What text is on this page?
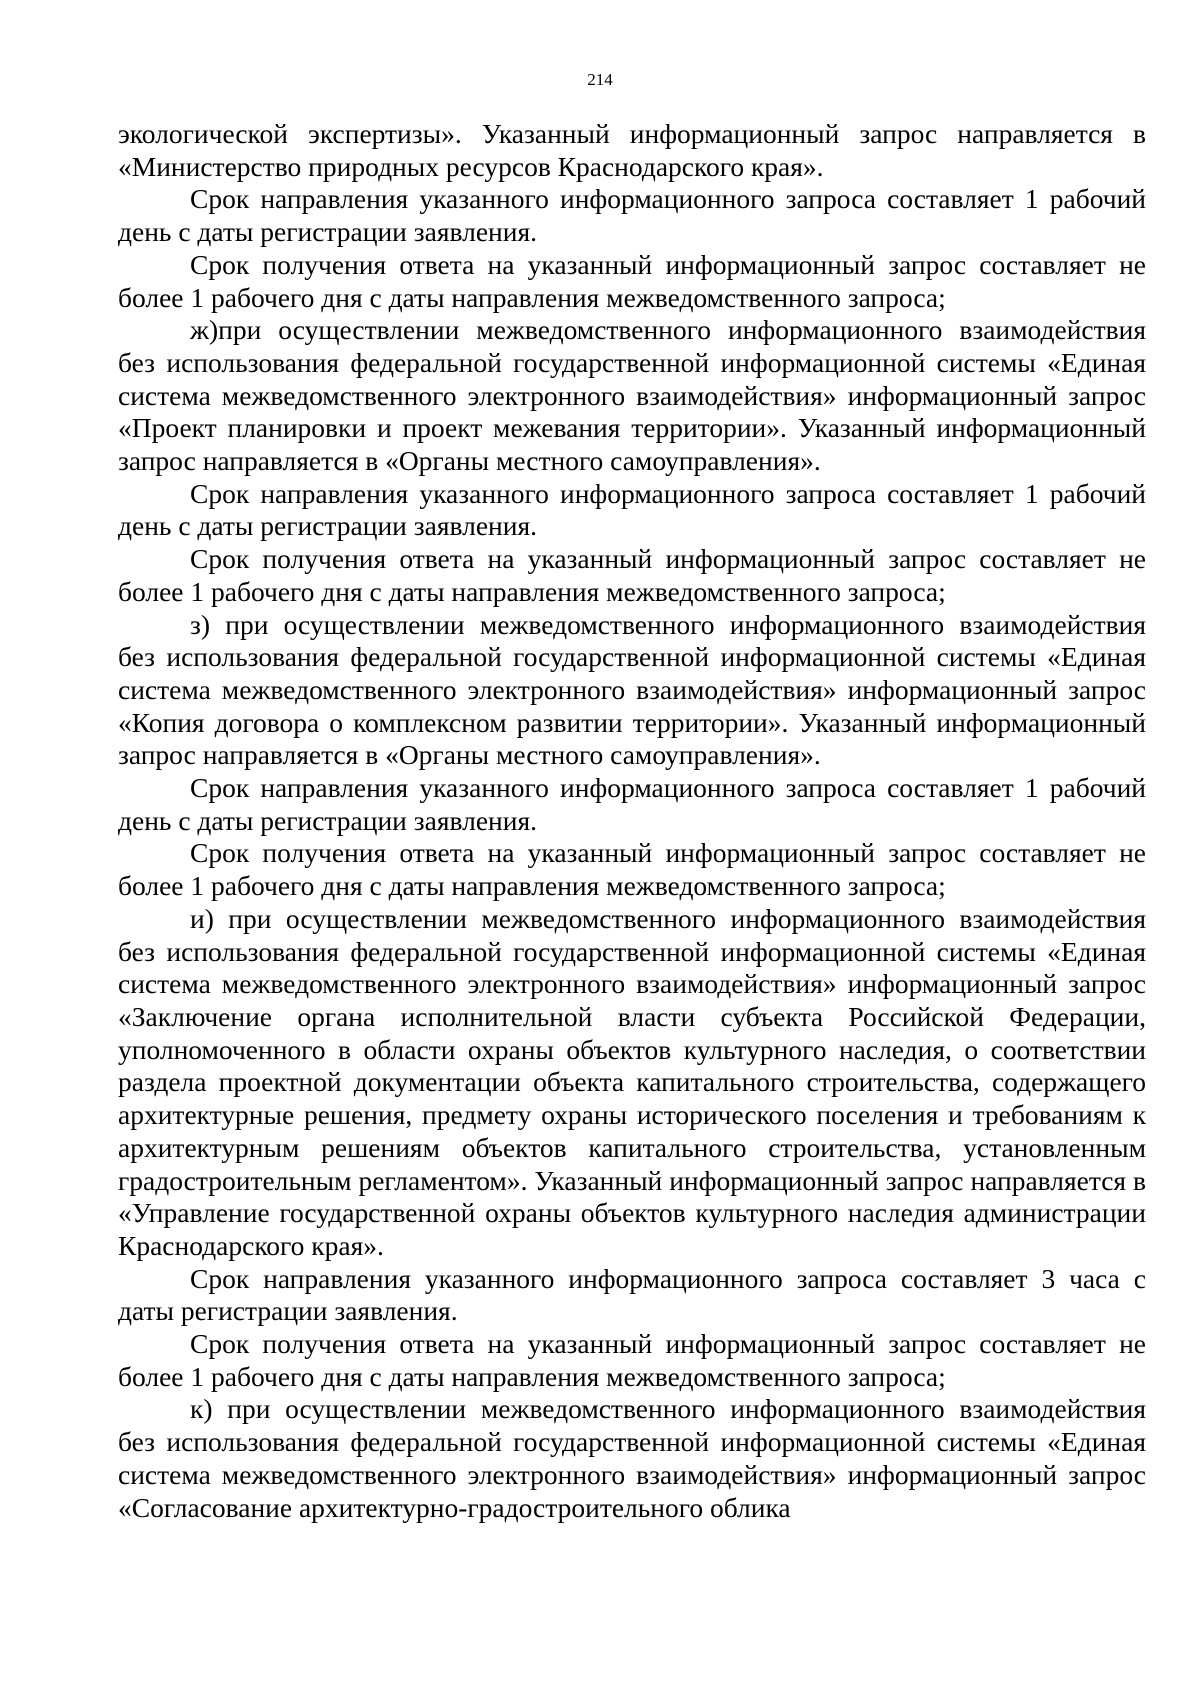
214

экологической экспертизы». Указанный информационный запрос направляется в «Министерство природных ресурсов Краснодарского края».

Срок направления указанного информационного запроса составляет 1 рабочий день с даты регистрации заявления.

Срок получения ответа на указанный информационный запрос составляет не более 1 рабочего дня с даты направления межведомственного запроса;

ж)при осуществлении межведомственного информационного взаимодействия без использования федеральной государственной информационной системы «Единая система межведомственного электронного взаимодействия» информационный запрос «Проект планировки и проект межевания территории». Указанный информационный запрос направляется в «Органы местного самоуправления».

Срок направления указанного информационного запроса составляет 1 рабочий день с даты регистрации заявления.

Срок получения ответа на указанный информационный запрос составляет не более 1 рабочего дня с даты направления межведомственного запроса;

з) при осуществлении межведомственного информационного взаимодействия без использования федеральной государственной информационной системы «Единая система межведомственного электронного взаимодействия» информационный запрос «Копия договора о комплексном развитии территории». Указанный информационный запрос направляется в «Органы местного самоуправления».

Срок направления указанного информационного запроса составляет 1 рабочий день с даты регистрации заявления.

Срок получения ответа на указанный информационный запрос составляет не более 1 рабочего дня с даты направления межведомственного запроса;

и) при осуществлении межведомственного информационного взаимодействия без использования федеральной государственной информационной системы «Единая система межведомственного электронного взаимодействия» информационный запрос «Заключение органа исполнительной власти субъекта Российской Федерации, уполномоченного в области охраны объектов культурного наследия, о соответствии раздела проектной документации объекта капитального строительства, содержащего архитектурные решения, предмету охраны исторического поселения и требованиям к архитектурным решениям объектов капитального строительства, установленным градостроительным регламентом». Указанный информационный запрос направляется в «Управление государственной охраны объектов культурного наследия администрации Краснодарского края».

Срок направления указанного информационного запроса составляет 3 часа с даты регистрации заявления.

Срок получения ответа на указанный информационный запрос составляет не более 1 рабочего дня с даты направления межведомственного запроса;

к) при осуществлении межведомственного информационного взаимодействия без использования федеральной государственной информационной системы «Единая система межведомственного электронного взаимодействия» информационный запрос «Согласование архитектурно-градостроительного облика
